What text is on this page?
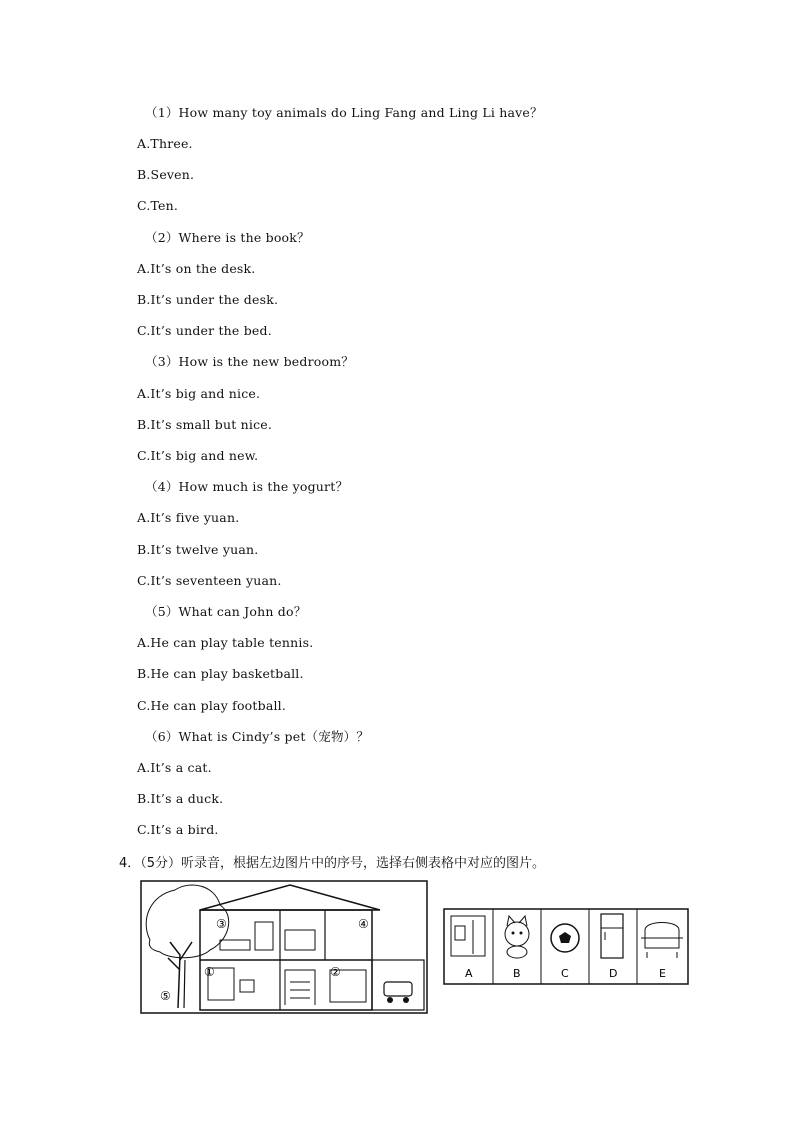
（1）How many toy animals do Ling Fang and Ling Li have？
A.Three.
B.Seven.
C.Ten.
（2）Where is the book？
A.It’s on the desk.
B.It’s under the desk.
C.It’s under the bed.
（3）How is the new bedroom？
A.It’s big and nice.
B.It’s small but nice.
C.It’s big and new.
（4）How much is the yogurt？
A.It’s five yuan.
B.It’s twelve yuan.
C.It’s seventeen yuan.
（5）What can John do？
A.He can play table tennis.
B.He can play basketball.
C.He can play football.
（6）What is Cindy’s pet（宠物）？
A.It’s a cat.
B.It’s a duck.
C.It’s a bird.
4．（5分）听录音，根据左边图片中的序号，选择右侧表格中对应的图片。
③	④
①	②
⑤
A	B	C	D	E
